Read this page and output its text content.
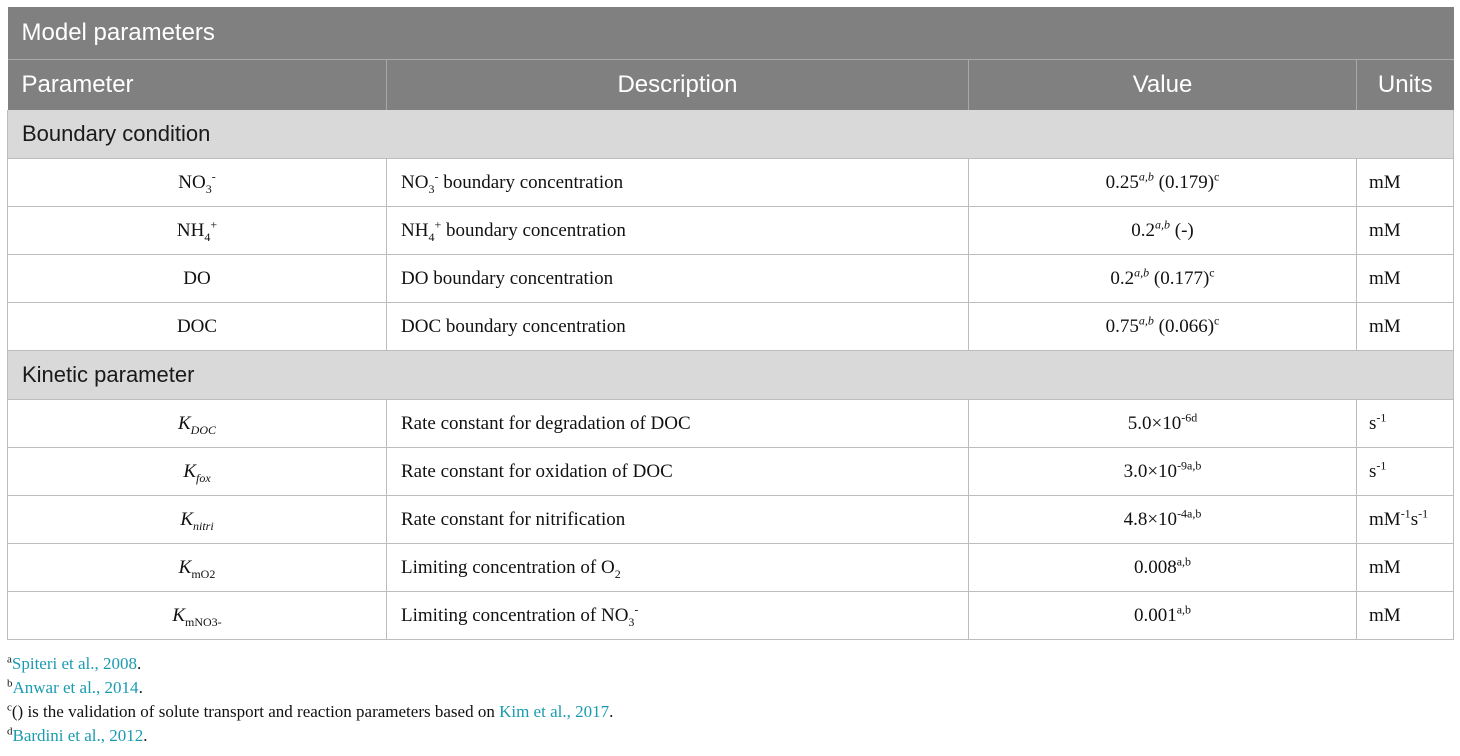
Model parameters			
Parameter	Description	Value	Units
Boundary condition			
$NO_3^-$	$NO_3^-$ boundary concentration	0.25$^{a,b}$ $(0.179)^c$	mM
$NH_4^+$	$NH_4^+$ boundary concentration	0.2$^{a,b}$ (-)	mM
DO	DO boundary concentration	0.2$^{a,b}$ $(0.177)^c$	mM
DOC	DOC boundary concentration	0.75$^{a,b}$ $(0.066)^c$	mM
Kinetic parameter			
$K_{DOC}$	Rate constant for degradation of DOC	$5.0\times 10^{-6d}$	$s^{-1}$
$K_{fox}$	Rate constant for oxidation of DOC	$3.0\times 10^{-9a,b}$	$s^{-1}$
$K_{nitri}$	Rate constant for nitrification	$4.8\times 10^{-4a,b}$	$mM^{-1}s^{-1}$
$K_{mO2}$	Limiting concentration of $O_2$	0.008$^{a,b}$	mM
$K_{mNO3-}$	Limiting concentration of $NO_3^-$	0.001$^{a,b}$	mM
$^a$Spiteri et al., 2008.
$^b$Anwar et al., 2014.
$^c$() is the validation of solute transport and reaction parameters based on Kim et al., 2017.
$^d$Bardini et al., 2012.
